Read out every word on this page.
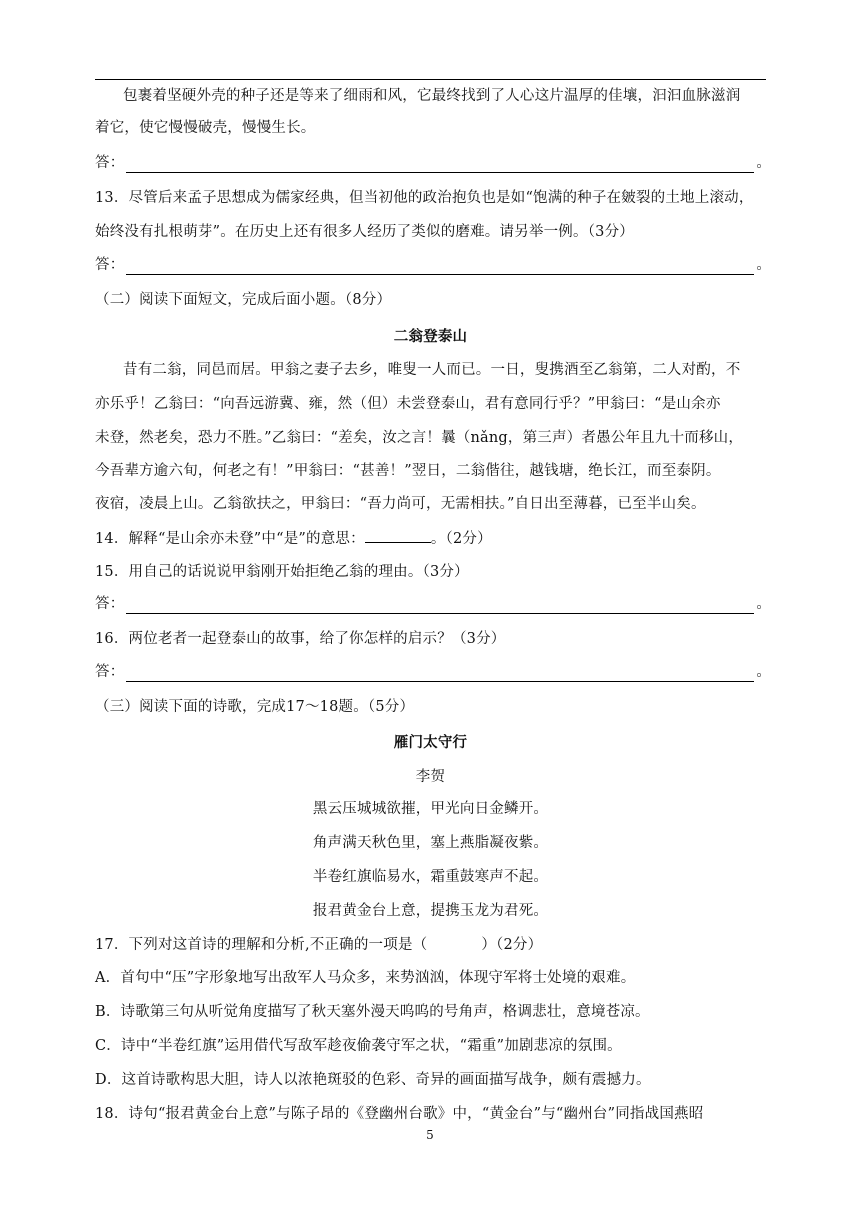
包裹着坚硬外壳的种子还是等来了细雨和风，它最终找到了人心这片温厚的佳壤，汩汩血脉滋润
着它，使它慢慢破壳，慢慢生长。
答：	。
13．尽管后来孟子思想成为儒家经典，但当初他的政治抱负也是如“饱满的种子在皴裂的土地上滚动，
始终没有扎根萌芽”。在历史上还有很多人经历了类似的磨难。请另举一例。（3分）
答：	。
（二）阅读下面短文，完成后面小题。（8分）
二翁登泰山
昔有二翁，同邑而居。甲翁之妻子去乡，唯叟一人而已。一日，叟携酒至乙翁第，二人对酌，不
亦乐乎！乙翁曰：“向吾远游冀、雍，然（但）未尝登泰山，君有意同行乎？”甲翁曰：“是山余亦
未登，然老矣，恐力不胜。”乙翁曰：“差矣，汝之言！曩（nǎng，第三声）者愚公年且九十而移山，
今吾辈方逾六旬，何老之有！”甲翁曰：“甚善！”翌日，二翁偕往，越钱塘，绝长江，而至泰阴。
夜宿，凌晨上山。乙翁欲扶之，甲翁曰：“吾力尚可，无需相扶。”自日出至薄暮，已至半山矣。
14．解释“是山余亦未登”中“是”的意思：	。（2分）
15．用自己的话说说甲翁刚开始拒绝乙翁的理由。（3分）
答：	。
16．两位老者一起登泰山的故事，给了你怎样的启示？（3分）
答：	。
（三）阅读下面的诗歌，完成17～18题。（5分）
雁门太守行
李贺
黑云压城城欲摧，甲光向日金鳞开。
角声满天秋色里，塞上燕脂凝夜紫。
半卷红旗临易水，霜重鼓寒声不起。
报君黄金台上意，提携玉龙为君死。
17．下列对这首诗的理解和分析,不正确的一项是（	）（2分）
A．首句中“压”字形象地写出敌军人马众多，来势汹汹，体现守军将士处境的艰难。
B．诗歌第三句从听觉角度描写了秋天塞外漫天呜呜的号角声，格调悲壮，意境苍凉。
C．诗中“半卷红旗”运用借代写敌军趁夜偷袭守军之状，“霜重”加剧悲凉的氛围。
D．这首诗歌构思大胆，诗人以浓艳斑驳的色彩、奇异的画面描写战争，颇有震撼力。
18．诗句“报君黄金台上意”与陈子昂的《登幽州台歌》中，“黄金台”与“幽州台”同指战国燕昭
5
